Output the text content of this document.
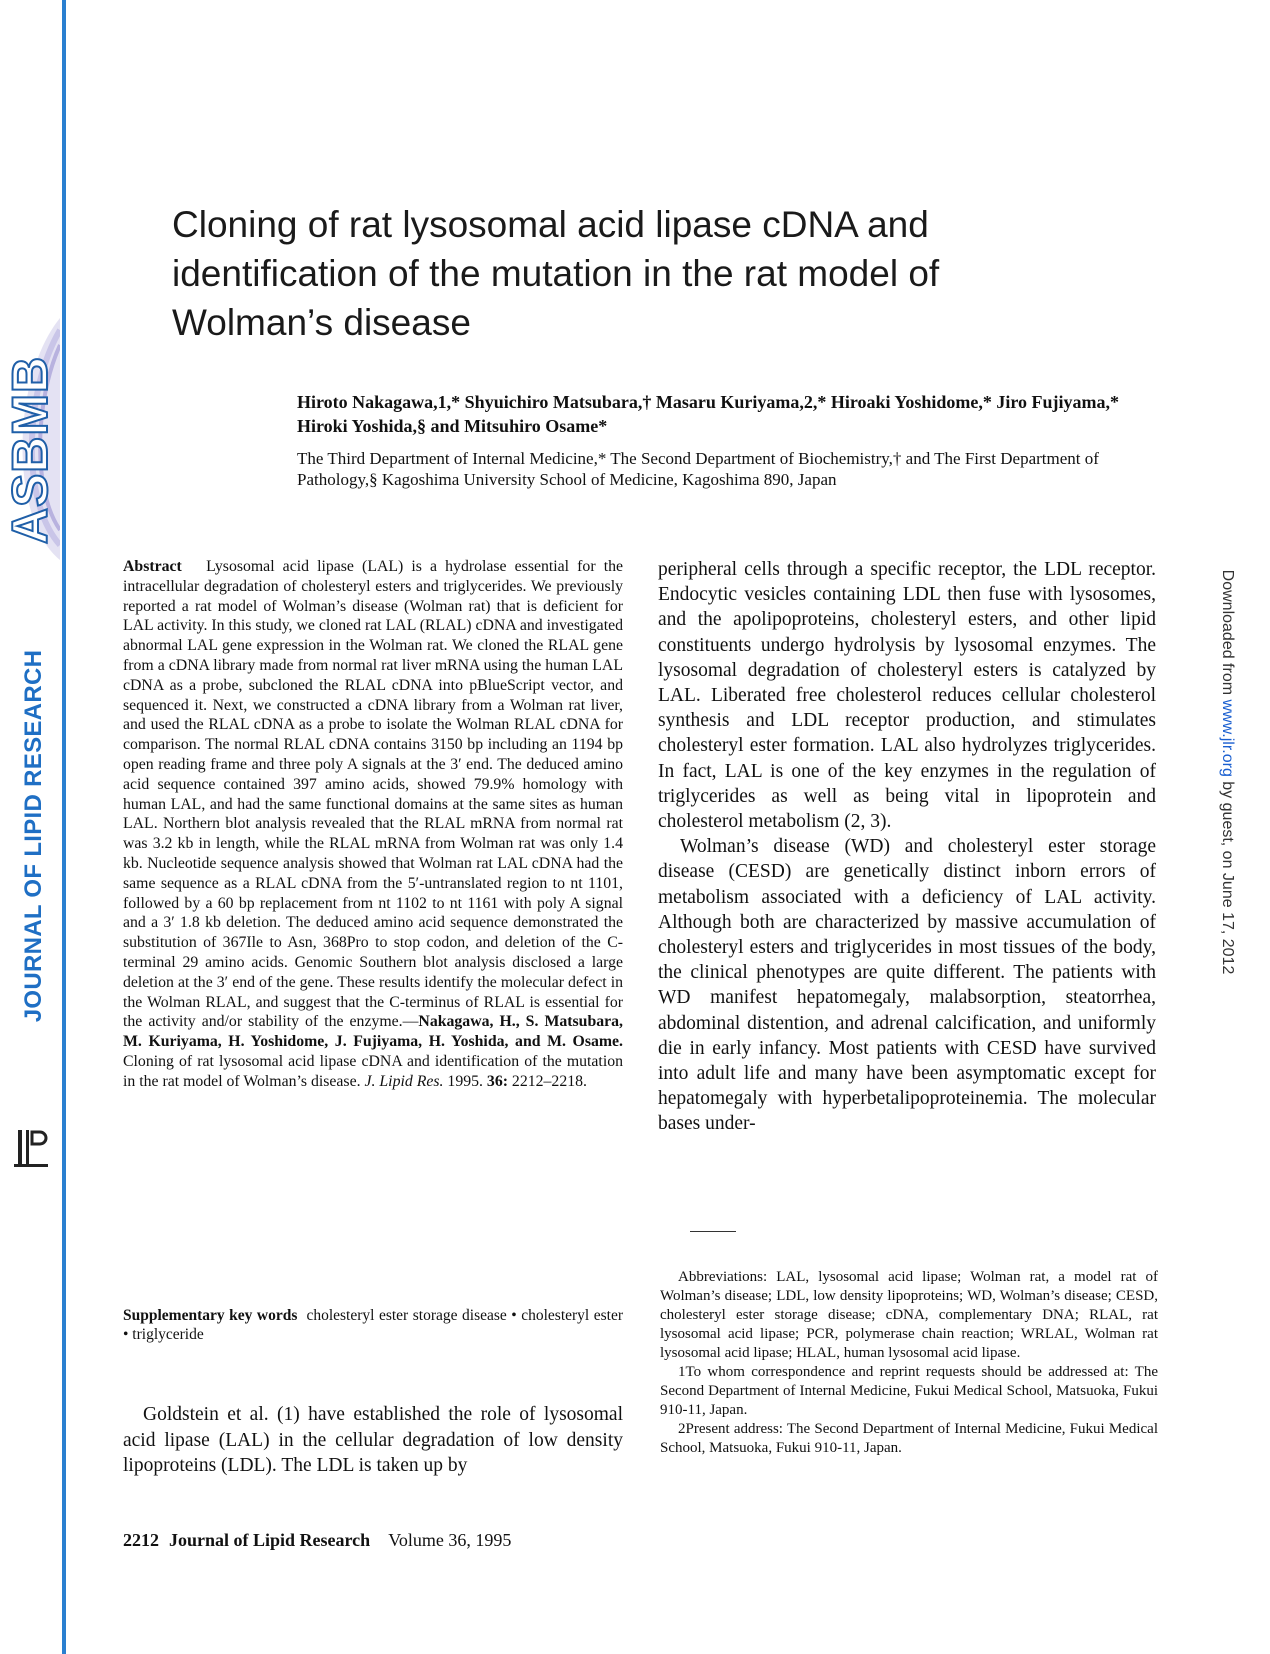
ASBMB
JOURNAL OF LIPID RESEARCH
Downloaded from www.jlr.org by guest, on June 17, 2012
Cloning of rat lysosomal acid lipase cDNA and identification of the mutation in the rat model of Wolman’s disease

Hiroto Nakagawa,1,* Shyuichiro Matsubara,† Masaru Kuriyama,2,* Hiroaki Yoshidome,* Jiro Fujiyama,* Hiroki Yoshida,§ and Mitsuhiro Osame*

The Third Department of Internal Medicine,* The Second Department of Biochemistry,† and The First Department of Pathology,§ Kagoshima University School of Medicine, Kagoshima 890, Japan

Abstract Lysosomal acid lipase (LAL) is a hydrolase essential for the intracellular degradation of cholesteryl esters and triglycerides. We previously reported a rat model of Wolman’s disease (Wolman rat) that is deficient for LAL activity. In this study, we cloned rat LAL (RLAL) cDNA and investigated abnormal LAL gene expression in the Wolman rat. We cloned the RLAL gene from a cDNA library made from normal rat liver mRNA using the human LAL cDNA as a probe, subcloned the RLAL cDNA into pBlueScript vector, and sequenced it. Next, we constructed a cDNA library from a Wolman rat liver, and used the RLAL cDNA as a probe to isolate the Wolman RLAL cDNA for comparison. The normal RLAL cDNA contains 3150 bp including an 1194 bp open reading frame and three poly A signals at the 3′ end. The deduced amino acid sequence contained 397 amino acids, showed 79.9% homology with human LAL, and had the same functional domains at the same sites as human LAL. Northern blot analysis revealed that the RLAL mRNA from normal rat was 3.2 kb in length, while the RLAL mRNA from Wolman rat was only 1.4 kb. Nucleotide sequence analysis showed that Wolman rat LAL cDNA had the same sequence as a RLAL cDNA from the 5′-untranslated region to nt 1101, followed by a 60 bp replacement from nt 1102 to nt 1161 with poly A signal and a 3′ 1.8 kb deletion. The deduced amino acid sequence demonstrated the substitution of 367Ile to Asn, 368Pro to stop codon, and deletion of the C-terminal 29 amino acids. Genomic Southern blot analysis disclosed a large deletion at the 3′ end of the gene. These results identify the molecular defect in the Wolman RLAL, and suggest that the C-terminus of RLAL is essential for the activity and/or stability of the enzyme.—Nakagawa, H., S. Matsubara, M. Kuriyama, H. Yoshidome, J. Fujiyama, H. Yoshida, and M. Osame. Cloning of rat lysosomal acid lipase cDNA and identification of the mutation in the rat model of Wolman’s disease. J. Lipid Res. 1995. 36: 2212–2218.

Supplementary key words cholesteryl ester storage disease • cholesteryl ester • triglyceride

Goldstein et al. (1) have established the role of lysosomal acid lipase (LAL) in the cellular degradation of low density lipoproteins (LDL). The LDL is taken up by

peripheral cells through a specific receptor, the LDL receptor. Endocytic vesicles containing LDL then fuse with lysosomes, and the apolipoproteins, cholesteryl esters, and other lipid constituents undergo hydrolysis by lysosomal enzymes. The lysosomal degradation of cholesteryl esters is catalyzed by LAL. Liberated free cholesterol reduces cellular cholesterol synthesis and LDL receptor production, and stimulates cholesteryl ester formation. LAL also hydrolyzes triglycerides. In fact, LAL is one of the key enzymes in the regulation of triglycerides as well as being vital in lipoprotein and cholesterol metabolism (2, 3).

Wolman’s disease (WD) and cholesteryl ester storage disease (CESD) are genetically distinct inborn errors of metabolism associated with a deficiency of LAL activity. Although both are characterized by massive accumulation of cholesteryl esters and triglycerides in most tissues of the body, the clinical phenotypes are quite different. The patients with WD manifest hepatomegaly, malabsorption, steatorrhea, abdominal distention, and adrenal calcification, and uniformly die in early infancy. Most patients with CESD have survived into adult life and many have been asymptomatic except for hepatomegaly with hyperbetalipoproteinemia. The molecular bases under-

Abbreviations: LAL, lysosomal acid lipase; Wolman rat, a model rat of Wolman’s disease; LDL, low density lipoproteins; WD, Wolman’s disease; CESD, cholesteryl ester storage disease; cDNA, complementary DNA; RLAL, rat lysosomal acid lipase; PCR, polymerase chain reaction; WRLAL, Wolman rat lysosomal acid lipase; HLAL, human lysosomal acid lipase.

1To whom correspondence and reprint requests should be addressed at: The Second Department of Internal Medicine, Fukui Medical School, Matsuoka, Fukui 910-11, Japan.

2Present address: The Second Department of Internal Medicine, Fukui Medical School, Matsuoka, Fukui 910-11, Japan.

2212 Journal of Lipid Research Volume 36, 1995
